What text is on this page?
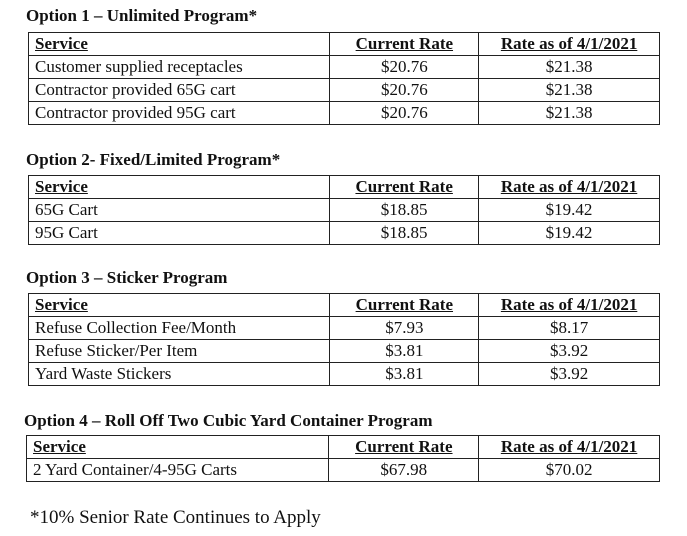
Option 1 – Unlimited Program*
Service	Current Rate	Rate as of 4/1/2021
Customer supplied receptacles	$20.76	$21.38
Contractor provided 65G cart	$20.76	$21.38
Contractor provided 95G cart	$20.76	$21.38
Option 2- Fixed/Limited Program*
Service	Current Rate	Rate as of 4/1/2021
65G Cart	$18.85	$19.42
95G Cart	$18.85	$19.42
Option 3 – Sticker Program
Service	Current Rate	Rate as of 4/1/2021
Refuse Collection Fee/Month	$7.93	$8.17
Refuse Sticker/Per Item	$3.81	$3.92
Yard Waste Stickers	$3.81	$3.92
Option 4 – Roll Off Two Cubic Yard Container Program
Service	Current Rate	Rate as of 4/1/2021
2 Yard Container/4-95G Carts	$67.98	$70.02
*10% Senior Rate Continues to Apply
